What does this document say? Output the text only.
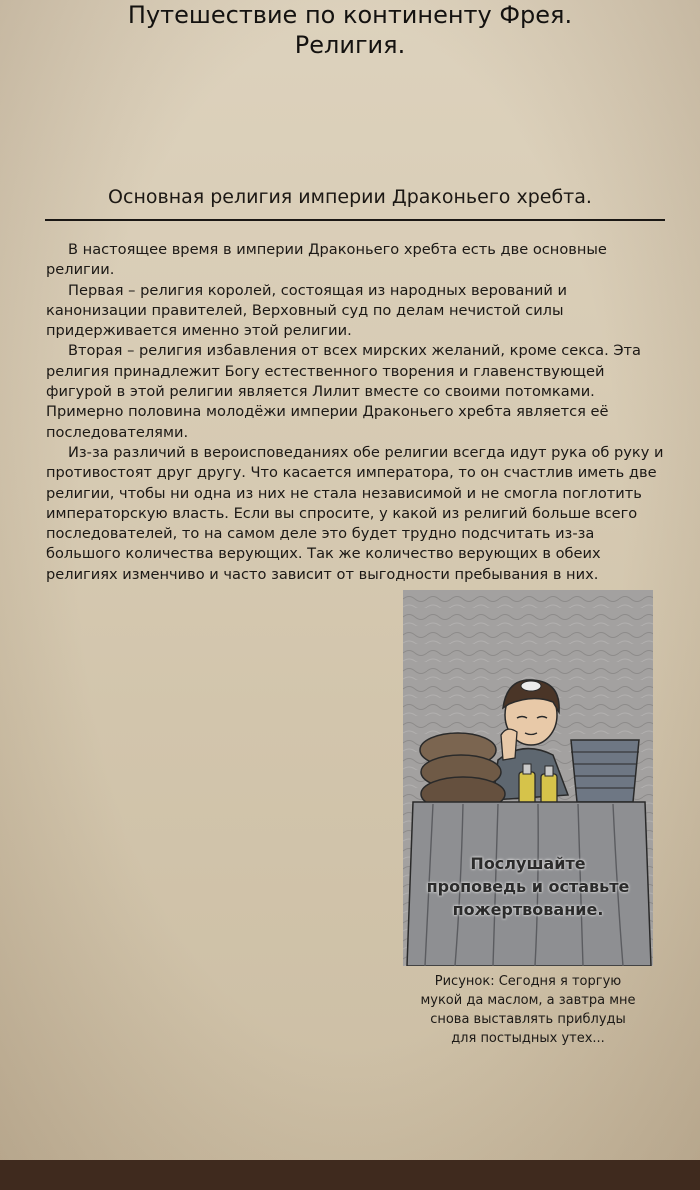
Путешествие по континенту Фрея.
Религия.
Основная религия империи Драконьего хребта.

В настоящее время в империи Драконьего хребта есть две основные религии.

Первая – религия королей, состоящая из народных верований и канонизации правителей, Верховный суд по делам нечистой силы придерживается именно этой религии.

Вторая – религия избавления от всех мирских желаний, кроме секса. Эта религия принадлежит Богу естественного творения и главенствующей фигурой в этой религии является Лилит вместе со своими потомками. Примерно половина молодёжи империи Драконьего хребта является её последователями.

Из-за различий в вероисповеданиях обе религии всегда идут рука об руку и противостоят друг другу. Что касается императора, то он счастлив иметь две религии, чтобы ни одна из них не стала независимой и не смогла поглотить императорскую власть. Если вы спросите, у какой из религий больше всего последователей, то на самом деле это будет трудно подсчитать из-за большого количества верующих. Так же количество верующих в обеих религиях изменчиво и часто зависит от выгодности пребывания в них.

Послушайте
проповедь и оставьте
пожертвование.
Рисунок: Сегодня я торгую
мукой да маслом, а завтра мне
снова выставлять приблуды
для постыдных утех...
